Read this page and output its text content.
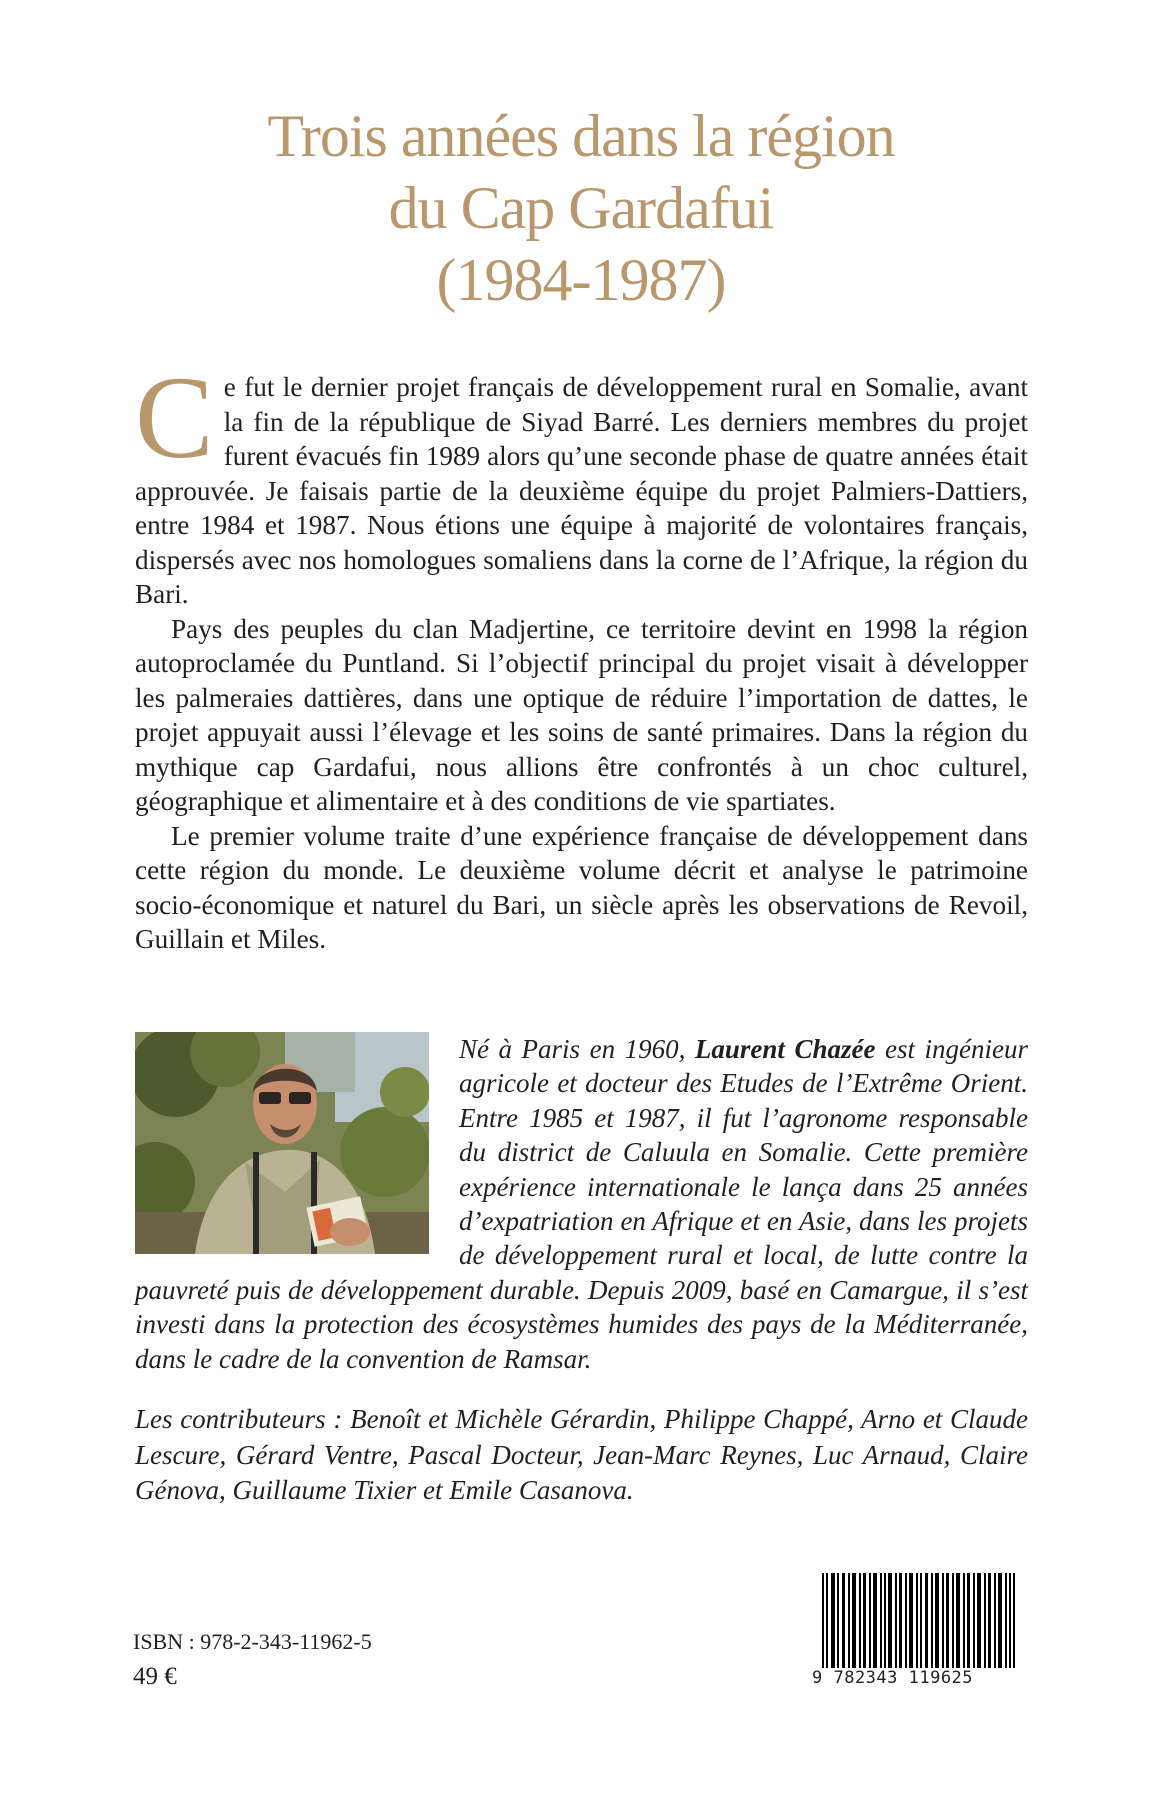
Trois années dans la région
du Cap Gardafui
(1984-1987)

Ce fut le dernier projet français de développement rural en Somalie, avant la fin de la république de Siyad Barré. Les derniers membres du projet furent évacués fin 1989 alors qu’une seconde phase de quatre années était approuvée. Je faisais partie de la deuxième équipe du projet Palmiers-Dattiers, entre 1984 et 1987. Nous étions une équipe à majorité de volontaires français, dispersés avec nos homologues somaliens dans la corne de l’Afrique, la région du Bari.

Pays des peuples du clan Madjertine, ce territoire devint en 1998 la région autoproclamée du Puntland. Si l’objectif principal du projet visait à développer les palmeraies dattières, dans une optique de réduire l’importation de dattes, le projet appuyait aussi l’élevage et les soins de santé primaires. Dans la région du mythique cap Gardafui, nous allions être confrontés à un choc culturel, géographique et alimentaire et à des conditions de vie spartiates.

Le premier volume traite d’une expérience française de développement dans cette région du monde. Le deuxième volume décrit et analyse le patrimoine socio-économique et naturel du Bari, un siècle après les observations de Revoil, Guillain et Miles.

Né à Paris en 1960, Laurent Chazée est ingénieur agricole et docteur des Etudes de l’Extrême Orient. Entre 1985 et 1987, il fut l’agronome responsable du district de Caluula en Somalie. Cette première expérience internationale le lança dans 25 années d’expatriation en Afrique et en Asie, dans les projets de développement rural et local, de lutte contre la pauvreté puis de développement durable. Depuis 2009, basé en Camargue, il s’est investi dans la protection des écosystèmes humides des pays de la Méditerranée, dans le cadre de la convention de Ramsar.
Les contributeurs : Benoît et Michèle Gérardin, Philippe Chappé, Arno et Claude Lescure, Gérard Ventre, Pascal Docteur, Jean-Marc Reynes, Luc Arnaud, Claire Génova, Guillaume Tixier et Emile Casanova.
ISBN : 978-2-343-11962-5
49 €	9 782343 119625
